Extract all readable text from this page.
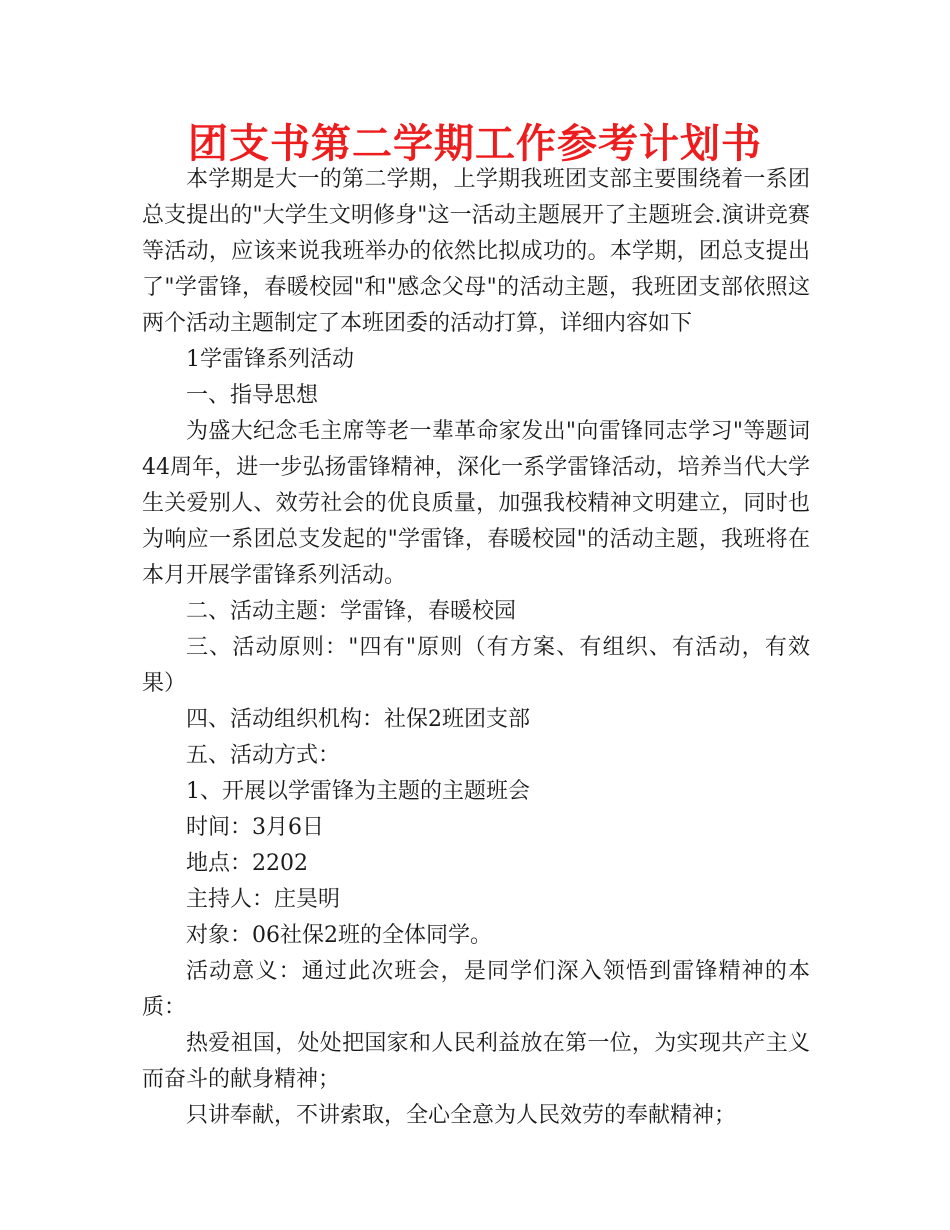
团支书第二学期工作参考计划书

本学期是大一的第二学期，上学期我班团支部主要围绕着一系团总支提出的"大学生文明修身"这一活动主题展开了主题班会.演讲竞赛等活动，应该来说我班举办的依然比拟成功的。本学期，团总支提出了"学雷锋，春暖校园"和"感念父母"的活动主题，我班团支部依照这两个活动主题制定了本班团委的活动打算，详细内容如下

1学雷锋系列活动

一、指导思想

为盛大纪念毛主席等老一辈革命家发出"向雷锋同志学习"等题词44周年，进一步弘扬雷锋精神，深化一系学雷锋活动，培养当代大学生关爱别人、效劳社会的优良质量，加强我校精神文明建立，同时也为响应一系团总支发起的"学雷锋，春暖校园"的活动主题，我班将在本月开展学雷锋系列活动。

二、活动主题：学雷锋，春暖校园

三、活动原则："四有"原则（有方案、有组织、有活动，有效果）

四、活动组织机构：社保2班团支部

五、活动方式：

1、开展以学雷锋为主题的主题班会

时间：3月6日

地点：2202

主持人：庄昊明

对象：06社保2班的全体同学。

活动意义：通过此次班会，是同学们深入领悟到雷锋精神的本质：

热爱祖国，处处把国家和人民利益放在第一位，为实现共产主义而奋斗的献身精神；

只讲奉献，不讲索取，全心全意为人民效劳的奉献精神；
